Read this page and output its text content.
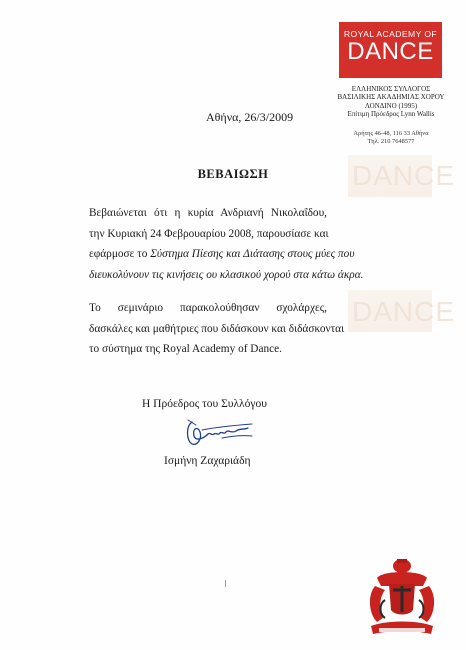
ROYAL ACADEMY OF
DANCE
ΕΛΛΗΝΙΚΟΣ ΣΥΛΛΟΓΟΣ
ΒΑΣΙΛΙΚΗΣ ΑΚΑΔΗΜΙΑΣ ΧΟΡΟΥ
ΛΟΝΔΙΝΟ (1995)
Επίτιμη Πρόεδρος Lynn Wallis
Αρήτης 46-48, 116 33 Αθήνα
Τηλ. 210 7648577
DANCE
DANCE
Αθήνα, 26/3/2009
ΒΕΒΑΙΩΣΗ
Βεβαιώνεται ότι η κυρία Ανδριανή Νικολαΐδου,
την Κυριακή 24 Φεβρουαρίου 2008, παρουσίασε και
εφάρμοσε το Σύστημα Πίεσης και Διάτασης στους μύες που
διευκολύνουν τις κινήσεις ου κλασικού χορού στα κάτω άκρα.
Το σεμινάριο παρακολούθησαν σχολάρχες,
δασκάλες και μαθήτριες που διδάσκουν και διδάσκονται
το σύστημα της Royal Academy of Dance.
Η Πρόεδρος του Συλλόγου
Ισμήνη Ζαχαριάδη
